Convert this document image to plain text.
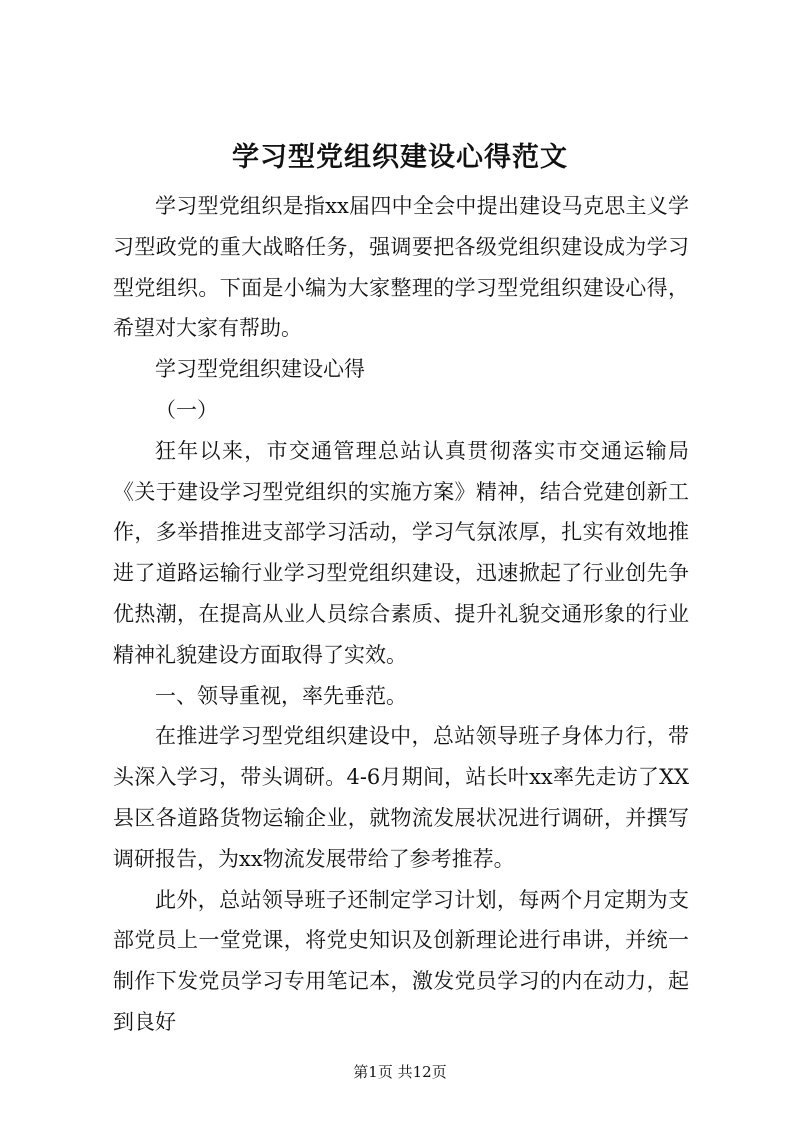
学习型党组织建设心得范文

学习型党组织是指xx届四中全会中提出建设马克思主义学习型政党的重大战略任务，强调要把各级党组织建设成为学习型党组织。下面是小编为大家整理的学习型党组织建设心得，希望对大家有帮助。

学习型党组织建设心得

（一）

狂年以来，市交通管理总站认真贯彻落实市交通运输局《关于建设学习型党组织的实施方案》精神，结合党建创新工作，多举措推进支部学习活动，学习气氛浓厚，扎实有效地推进了道路运输行业学习型党组织建设，迅速掀起了行业创先争优热潮，在提高从业人员综合素质、提升礼貌交通形象的行业精神礼貌建设方面取得了实效。

一、领导重视，率先垂范。

在推进学习型党组织建设中，总站领导班子身体力行，带头深入学习，带头调研。4-6月期间，站长叶xx率先走访了XX县区各道路货物运输企业，就物流发展状况进行调研，并撰写调研报告，为xx物流发展带给了参考推荐。

此外，总站领导班子还制定学习计划，每两个月定期为支部党员上一堂党课，将党史知识及创新理论进行串讲，并统一制作下发党员学习专用笔记本，激发党员学习的内在动力，起到良好

第1页 共12页
